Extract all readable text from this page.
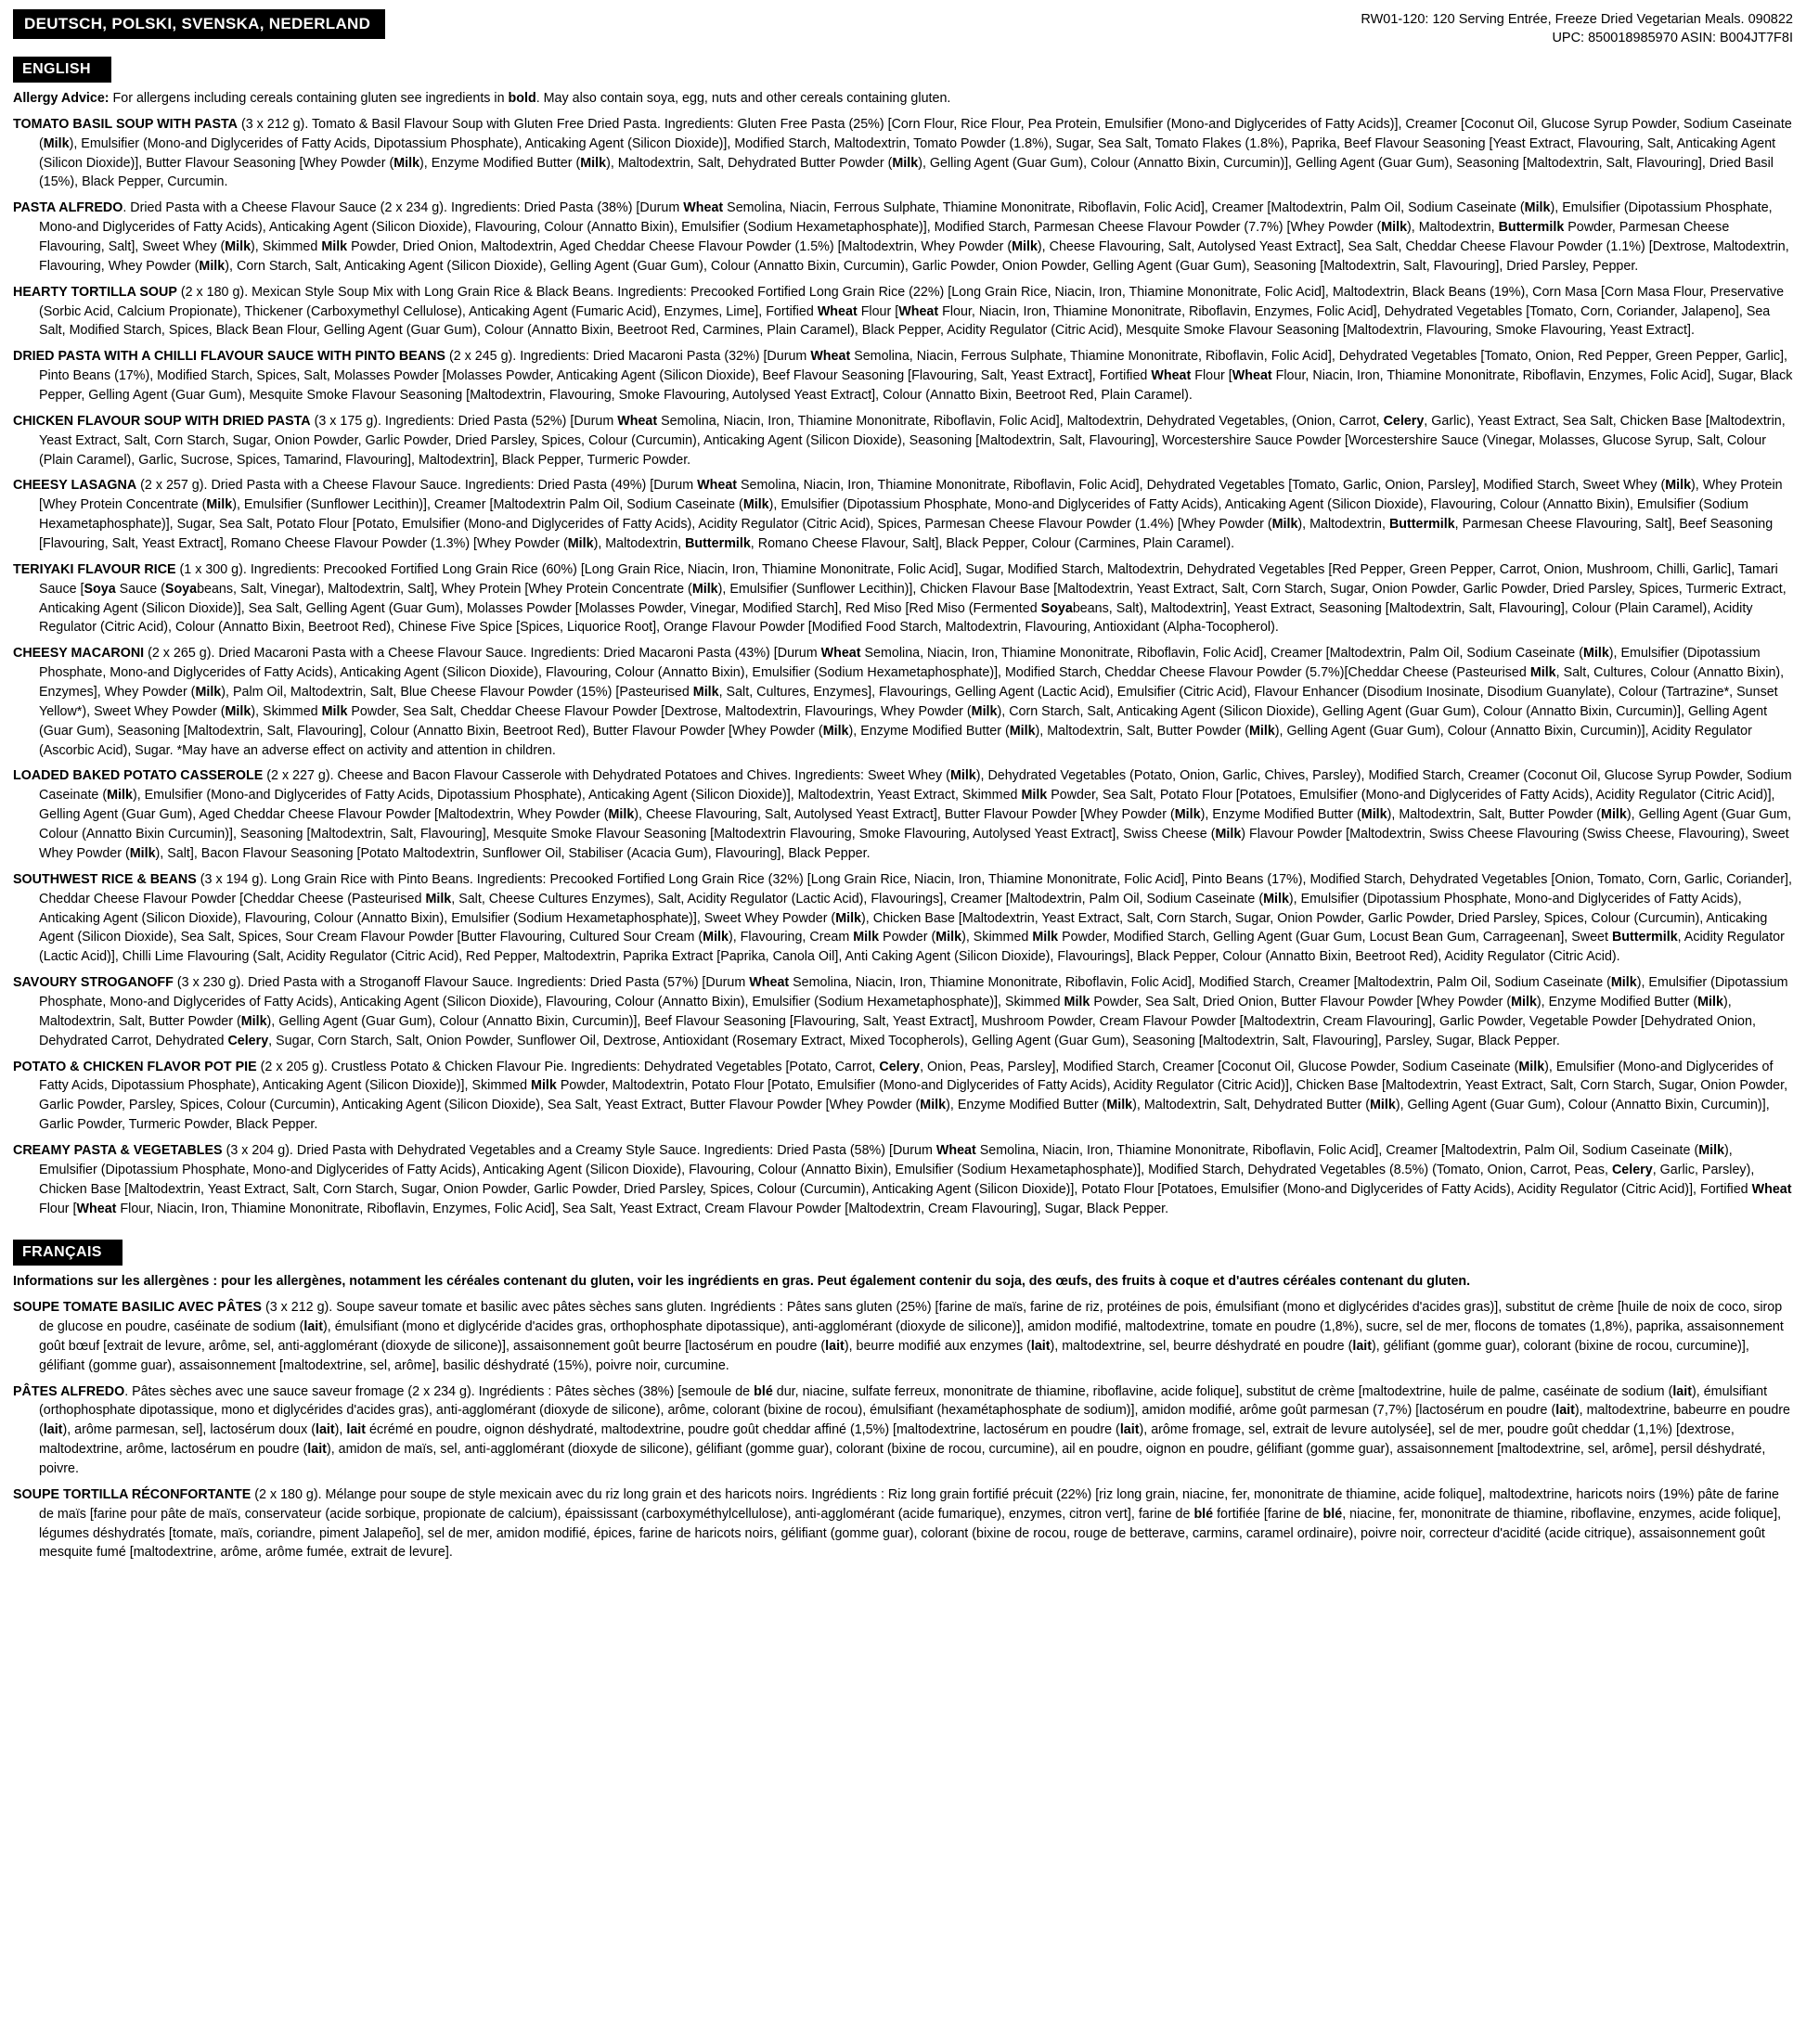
DEUTSCH, POLSKI, SVENSKA, NEDERLAND	RW01-120: 120 Serving Entrée, Freeze Dried Vegetarian Meals. 090822
UPC: 850018985970 ASIN: B004JT7F8I
ENGLISH

Allergy Advice: For allergens including cereals containing gluten see ingredients in bold. May also contain soya, egg, nuts and other cereals containing gluten.

TOMATO BASIL SOUP WITH PASTA (3 x 212 g). Tomato & Basil Flavour Soup with Gluten Free Dried Pasta. Ingredients: Gluten Free Pasta (25%) [Corn Flour, Rice Flour, Pea Protein, Emulsifier (Mono-and Diglycerides of Fatty Acids)], Creamer [Coconut Oil, Glucose Syrup Powder, Sodium Caseinate (Milk), Emulsifier (Mono-and Diglycerides of Fatty Acids, Dipotassium Phosphate), Anticaking Agent (Silicon Dioxide)], Modified Starch, Maltodextrin, Tomato Powder (1.8%), Sugar, Sea Salt, Tomato Flakes (1.8%), Paprika, Beef Flavour Seasoning [Yeast Extract, Flavouring, Salt, Anticaking Agent (Silicon Dioxide)], Butter Flavour Seasoning [Whey Powder (Milk), Enzyme Modified Butter (Milk), Maltodextrin, Salt, Dehydrated Butter Powder (Milk), Gelling Agent (Guar Gum), Colour (Annatto Bixin, Curcumin)], Gelling Agent (Guar Gum), Seasoning [Maltodextrin, Salt, Flavouring], Dried Basil (15%), Black Pepper, Curcumin.

PASTA ALFREDO. Dried Pasta with a Cheese Flavour Sauce (2 x 234 g). Ingredients: Dried Pasta (38%) [Durum Wheat Semolina, Niacin, Ferrous Sulphate, Thiamine Mononitrate, Riboflavin, Folic Acid], Creamer [Maltodextrin, Palm Oil, Sodium Caseinate (Milk), Emulsifier (Dipotassium Phosphate, Mono-and Diglycerides of Fatty Acids), Anticaking Agent (Silicon Dioxide), Flavouring, Colour (Annatto Bixin), Emulsifier (Sodium Hexametaphosphate)], Modified Starch, Parmesan Cheese Flavour Powder (7.7%) [Whey Powder (Milk), Maltodextrin, Buttermilk Powder, Parmesan Cheese Flavouring, Salt], Sweet Whey (Milk), Skimmed Milk Powder, Dried Onion, Maltodextrin, Aged Cheddar Cheese Flavour Powder (1.5%) [Maltodextrin, Whey Powder (Milk), Cheese Flavouring, Salt, Autolysed Yeast Extract], Sea Salt, Cheddar Cheese Flavour Powder (1.1%) [Dextrose, Maltodextrin, Flavouring, Whey Powder (Milk), Corn Starch, Salt, Anticaking Agent (Silicon Dioxide), Gelling Agent (Guar Gum), Colour (Annatto Bixin, Curcumin), Garlic Powder, Onion Powder, Gelling Agent (Guar Gum), Seasoning [Maltodextrin, Salt, Flavouring], Dried Parsley, Pepper.

HEARTY TORTILLA SOUP (2 x 180 g). Mexican Style Soup Mix with Long Grain Rice & Black Beans. Ingredients: Precooked Fortified Long Grain Rice (22%) [Long Grain Rice, Niacin, Iron, Thiamine Mononitrate, Folic Acid], Maltodextrin, Black Beans (19%), Corn Masa [Corn Masa Flour, Preservative (Sorbic Acid, Calcium Propionate), Thickener (Carboxymethyl Cellulose), Anticaking Agent (Fumaric Acid), Enzymes, Lime], Fortified Wheat Flour [Wheat Flour, Niacin, Iron, Thiamine Mononitrate, Riboflavin, Enzymes, Folic Acid], Dehydrated Vegetables [Tomato, Corn, Coriander, Jalapeno], Sea Salt, Modified Starch, Spices, Black Bean Flour, Gelling Agent (Guar Gum), Colour (Annatto Bixin, Beetroot Red, Carmines, Plain Caramel), Black Pepper, Acidity Regulator (Citric Acid), Mesquite Smoke Flavour Seasoning [Maltodextrin, Flavouring, Smoke Flavouring, Yeast Extract].

DRIED PASTA WITH A CHILLI FLAVOUR SAUCE WITH PINTO BEANS (2 x 245 g). Ingredients: Dried Macaroni Pasta (32%) [Durum Wheat Semolina, Niacin, Ferrous Sulphate, Thiamine Mononitrate, Riboflavin, Folic Acid], Dehydrated Vegetables [Tomato, Onion, Red Pepper, Green Pepper, Garlic], Pinto Beans (17%), Modified Starch, Spices, Salt, Molasses Powder [Molasses Powder, Anticaking Agent (Silicon Dioxide), Beef Flavour Seasoning [Flavouring, Salt, Yeast Extract], Fortified Wheat Flour [Wheat Flour, Niacin, Iron, Thiamine Mononitrate, Riboflavin, Enzymes, Folic Acid], Sugar, Black Pepper, Gelling Agent (Guar Gum), Mesquite Smoke Flavour Seasoning [Maltodextrin, Flavouring, Smoke Flavouring, Autolysed Yeast Extract], Colour (Annatto Bixin, Beetroot Red, Plain Caramel).

CHICKEN FLAVOUR SOUP WITH DRIED PASTA (3 x 175 g). Ingredients: Dried Pasta (52%) [Durum Wheat Semolina, Niacin, Iron, Thiamine Mononitrate, Riboflavin, Folic Acid], Maltodextrin, Dehydrated Vegetables, (Onion, Carrot, Celery, Garlic), Yeast Extract, Sea Salt, Chicken Base [Maltodextrin, Yeast Extract, Salt, Corn Starch, Sugar, Onion Powder, Garlic Powder, Dried Parsley, Spices, Colour (Curcumin), Anticaking Agent (Silicon Dioxide), Seasoning [Maltodextrin, Salt, Flavouring], Worcestershire Sauce Powder [Worcestershire Sauce (Vinegar, Molasses, Glucose Syrup, Salt, Colour (Plain Caramel), Garlic, Sucrose, Spices, Tamarind, Flavouring], Maltodextrin], Black Pepper, Turmeric Powder.

CHEESY LASAGNA (2 x 257 g). Dried Pasta with a Cheese Flavour Sauce. Ingredients: Dried Pasta (49%) [Durum Wheat Semolina, Niacin, Iron, Thiamine Mononitrate, Riboflavin, Folic Acid], Dehydrated Vegetables [Tomato, Garlic, Onion, Parsley], Modified Starch, Sweet Whey (Milk), Whey Protein [Whey Protein Concentrate (Milk), Emulsifier (Sunflower Lecithin)], Creamer [Maltodextrin Palm Oil, Sodium Caseinate (Milk), Emulsifier (Dipotassium Phosphate, Mono-and Diglycerides of Fatty Acids), Anticaking Agent (Silicon Dioxide), Flavouring, Colour (Annatto Bixin), Emulsifier (Sodium Hexametaphosphate)], Sugar, Sea Salt, Potato Flour [Potato, Emulsifier (Mono-and Diglycerides of Fatty Acids), Acidity Regulator (Citric Acid), Spices, Parmesan Cheese Flavour Powder (1.4%) [Whey Powder (Milk), Maltodextrin, Buttermilk, Parmesan Cheese Flavouring, Salt], Beef Seasoning [Flavouring, Salt, Yeast Extract], Romano Cheese Flavour Powder (1.3%) [Whey Powder (Milk), Maltodextrin, Buttermilk, Romano Cheese Flavour, Salt], Black Pepper, Colour (Carmines, Plain Caramel).

TERIYAKI FLAVOUR RICE (1 x 300 g). Ingredients: Precooked Fortified Long Grain Rice (60%) [Long Grain Rice, Niacin, Iron, Thiamine Mononitrate, Folic Acid], Sugar, Modified Starch, Maltodextrin, Dehydrated Vegetables [Red Pepper, Green Pepper, Carrot, Onion, Mushroom, Chilli, Garlic], Tamari Sauce [Soya Sauce (Soyabeans, Salt, Vinegar), Maltodextrin, Salt], Whey Protein [Whey Protein Concentrate (Milk), Emulsifier (Sunflower Lecithin)], Chicken Flavour Base [Maltodextrin, Yeast Extract, Salt, Corn Starch, Sugar, Onion Powder, Garlic Powder, Dried Parsley, Spices, Turmeric Extract, Anticaking Agent (Silicon Dioxide)], Sea Salt, Gelling Agent (Guar Gum), Molasses Powder [Molasses Powder, Vinegar, Modified Starch], Red Miso [Red Miso (Fermented Soyabeans, Salt), Maltodextrin], Yeast Extract, Seasoning [Maltodextrin, Salt, Flavouring], Colour (Plain Caramel), Acidity Regulator (Citric Acid), Colour (Annatto Bixin, Beetroot Red), Chinese Five Spice [Spices, Liquorice Root], Orange Flavour Powder [Modified Food Starch, Maltodextrin, Flavouring, Antioxidant (Alpha-Tocopherol).

CHEESY MACARONI (2 x 265 g). Dried Macaroni Pasta with a Cheese Flavour Sauce. Ingredients: Dried Macaroni Pasta (43%) [Durum Wheat Semolina, Niacin, Iron, Thiamine Mononitrate, Riboflavin, Folic Acid], Creamer [Maltodextrin, Palm Oil, Sodium Caseinate (Milk), Emulsifier (Dipotassium Phosphate, Mono-and Diglycerides of Fatty Acids), Anticaking Agent (Silicon Dioxide), Flavouring, Colour (Annatto Bixin), Emulsifier (Sodium Hexametaphosphate)], Modified Starch, Cheddar Cheese Flavour Powder (5.7%)[Cheddar Cheese (Pasteurised Milk, Salt, Cultures, Colour (Annatto Bixin), Enzymes], Whey Powder (Milk), Palm Oil, Maltodextrin, Salt, Blue Cheese Flavour Powder (15%) [Pasteurised Milk, Salt, Cultures, Enzymes], Flavourings, Gelling Agent (Lactic Acid), Emulsifier (Citric Acid), Flavour Enhancer (Disodium Inosinate, Disodium Guanylate), Colour (Tartrazine*, Sunset Yellow*), Sweet Whey Powder (Milk), Skimmed Milk Powder, Sea Salt, Cheddar Cheese Flavour Powder [Dextrose, Maltodextrin, Flavourings, Whey Powder (Milk), Corn Starch, Salt, Anticaking Agent (Silicon Dioxide), Gelling Agent (Guar Gum), Colour (Annatto Bixin, Curcumin)], Gelling Agent (Guar Gum), Seasoning [Maltodextrin, Salt, Flavouring], Colour (Annatto Bixin, Beetroot Red), Butter Flavour Powder [Whey Powder (Milk), Enzyme Modified Butter (Milk), Maltodextrin, Salt, Butter Powder (Milk), Gelling Agent (Guar Gum), Colour (Annatto Bixin, Curcumin)], Acidity Regulator (Ascorbic Acid), Sugar. *May have an adverse effect on activity and attention in children.

LOADED BAKED POTATO CASSEROLE (2 x 227 g). Cheese and Bacon Flavour Casserole with Dehydrated Potatoes and Chives. Ingredients: Sweet Whey (Milk), Dehydrated Vegetables (Potato, Onion, Garlic, Chives, Parsley), Modified Starch, Creamer (Coconut Oil, Glucose Syrup Powder, Sodium Caseinate (Milk), Emulsifier (Mono-and Diglycerides of Fatty Acids, Dipotassium Phosphate), Anticaking Agent (Silicon Dioxide)], Maltodextrin, Yeast Extract, Skimmed Milk Powder, Sea Salt, Potato Flour [Potatoes, Emulsifier (Mono-and Diglycerides of Fatty Acids), Acidity Regulator (Citric Acid)], Gelling Agent (Guar Gum), Aged Cheddar Cheese Flavour Powder [Maltodextrin, Whey Powder (Milk), Cheese Flavouring, Salt, Autolysed Yeast Extract], Butter Flavour Powder [Whey Powder (Milk), Enzyme Modified Butter (Milk), Maltodextrin, Salt, Butter Powder (Milk), Gelling Agent (Guar Gum, Colour (Annatto Bixin Curcumin)], Seasoning [Maltodextrin, Salt, Flavouring], Mesquite Smoke Flavour Seasoning [Maltodextrin Flavouring, Smoke Flavouring, Autolysed Yeast Extract], Swiss Cheese (Milk) Flavour Powder [Maltodextrin, Swiss Cheese Flavouring (Swiss Cheese, Flavouring), Sweet Whey Powder (Milk), Salt], Bacon Flavour Seasoning [Potato Maltodextrin, Sunflower Oil, Stabiliser (Acacia Gum), Flavouring], Black Pepper.

SOUTHWEST RICE & BEANS (3 x 194 g). Long Grain Rice with Pinto Beans. Ingredients: Precooked Fortified Long Grain Rice (32%) [Long Grain Rice, Niacin, Iron, Thiamine Mononitrate, Folic Acid], Pinto Beans (17%), Modified Starch, Dehydrated Vegetables [Onion, Tomato, Corn, Garlic, Coriander], Cheddar Cheese Flavour Powder [Cheddar Cheese (Pasteurised Milk, Salt, Cheese Cultures Enzymes), Salt, Acidity Regulator (Lactic Acid), Flavourings], Creamer [Maltodextrin, Palm Oil, Sodium Caseinate (Milk), Emulsifier (Dipotassium Phosphate, Mono-and Diglycerides of Fatty Acids), Anticaking Agent (Silicon Dioxide), Flavouring, Colour (Annatto Bixin), Emulsifier (Sodium Hexametaphosphate)], Sweet Whey Powder (Milk), Chicken Base [Maltodextrin, Yeast Extract, Salt, Corn Starch, Sugar, Onion Powder, Garlic Powder, Dried Parsley, Spices, Colour (Curcumin), Anticaking Agent (Silicon Dioxide), Sea Salt, Spices, Sour Cream Flavour Powder [Butter Flavouring, Cultured Sour Cream (Milk), Flavouring, Cream Milk Powder (Milk), Skimmed Milk Powder, Modified Starch, Gelling Agent (Guar Gum, Locust Bean Gum, Carrageenan], Sweet Buttermilk, Acidity Regulator (Lactic Acid)], Chilli Lime Flavouring (Salt, Acidity Regulator (Citric Acid), Red Pepper, Maltodextrin, Paprika Extract [Paprika, Canola Oil], Anti Caking Agent (Silicon Dioxide), Flavourings], Black Pepper, Colour (Annatto Bixin, Beetroot Red), Acidity Regulator (Citric Acid).

SAVOURY STROGANOFF (3 x 230 g). Dried Pasta with a Stroganoff Flavour Sauce. Ingredients: Dried Pasta (57%) [Durum Wheat Semolina, Niacin, Iron, Thiamine Mononitrate, Riboflavin, Folic Acid], Modified Starch, Creamer [Maltodextrin, Palm Oil, Sodium Caseinate (Milk), Emulsifier (Dipotassium Phosphate, Mono-and Diglycerides of Fatty Acids), Anticaking Agent (Silicon Dioxide), Flavouring, Colour (Annatto Bixin), Emulsifier (Sodium Hexametaphosphate)], Skimmed Milk Powder, Sea Salt, Dried Onion, Butter Flavour Powder [Whey Powder (Milk), Enzyme Modified Butter (Milk), Maltodextrin, Salt, Butter Powder (Milk), Gelling Agent (Guar Gum), Colour (Annatto Bixin, Curcumin)], Beef Flavour Seasoning [Flavouring, Salt, Yeast Extract], Mushroom Powder, Cream Flavour Powder [Maltodextrin, Cream Flavouring], Garlic Powder, Vegetable Powder [Dehydrated Onion, Dehydrated Carrot, Dehydrated Celery, Sugar, Corn Starch, Salt, Onion Powder, Sunflower Oil, Dextrose, Antioxidant (Rosemary Extract, Mixed Tocopherols), Gelling Agent (Guar Gum), Seasoning [Maltodextrin, Salt, Flavouring], Parsley, Sugar, Black Pepper.

POTATO & CHICKEN FLAVOR POT PIE (2 x 205 g). Crustless Potato & Chicken Flavour Pie. Ingredients: Dehydrated Vegetables [Potato, Carrot, Celery, Onion, Peas, Parsley], Modified Starch, Creamer [Coconut Oil, Glucose Powder, Sodium Caseinate (Milk), Emulsifier (Mono-and Diglycerides of Fatty Acids, Dipotassium Phosphate), Anticaking Agent (Silicon Dioxide)], Skimmed Milk Powder, Maltodextrin, Potato Flour [Potato, Emulsifier (Mono-and Diglycerides of Fatty Acids), Acidity Regulator (Citric Acid)], Chicken Base [Maltodextrin, Yeast Extract, Salt, Corn Starch, Sugar, Onion Powder, Garlic Powder, Parsley, Spices, Colour (Curcumin), Anticaking Agent (Silicon Dioxide), Sea Salt, Yeast Extract, Butter Flavour Powder [Whey Powder (Milk), Enzyme Modified Butter (Milk), Maltodextrin, Salt, Dehydrated Butter (Milk), Gelling Agent (Guar Gum), Colour (Annatto Bixin, Curcumin)], Garlic Powder, Turmeric Powder, Black Pepper.

CREAMY PASTA & VEGETABLES (3 x 204 g). Dried Pasta with Dehydrated Vegetables and a Creamy Style Sauce. Ingredients: Dried Pasta (58%) [Durum Wheat Semolina, Niacin, Iron, Thiamine Mononitrate, Riboflavin, Folic Acid], Creamer [Maltodextrin, Palm Oil, Sodium Caseinate (Milk), Emulsifier (Dipotassium Phosphate, Mono-and Diglycerides of Fatty Acids), Anticaking Agent (Silicon Dioxide), Flavouring, Colour (Annatto Bixin), Emulsifier (Sodium Hexametaphosphate)], Modified Starch, Dehydrated Vegetables (8.5%) (Tomato, Onion, Carrot, Peas, Celery, Garlic, Parsley), Chicken Base [Maltodextrin, Yeast Extract, Salt, Corn Starch, Sugar, Onion Powder, Garlic Powder, Dried Parsley, Spices, Colour (Curcumin), Anticaking Agent (Silicon Dioxide)], Potato Flour [Potatoes, Emulsifier (Mono-and Diglycerides of Fatty Acids), Acidity Regulator (Citric Acid)], Fortified Wheat Flour [Wheat Flour, Niacin, Iron, Thiamine Mononitrate, Riboflavin, Enzymes, Folic Acid], Sea Salt, Yeast Extract, Cream Flavour Powder [Maltodextrin, Cream Flavouring], Sugar, Black Pepper.

FRANÇAIS

Informations sur les allergènes : pour les allergènes, notamment les céréales contenant du gluten, voir les ingrédients en gras. Peut également contenir du soja, des œufs, des fruits à coque et d'autres céréales contenant du gluten.

SOUPE TOMATE BASILIC AVEC PÂTES (3 x 212 g). Soupe saveur tomate et basilic avec pâtes sèches sans gluten. Ingrédients : Pâtes sans gluten (25%) [farine de maïs, farine de riz, protéines de pois, émulsifiant (mono et diglycérides d'acides gras)], substitut de crème [huile de noix de coco, sirop de glucose en poudre, caséinate de sodium (lait), émulsifiant (mono et diglycéride d'acides gras, orthophosphate dipotassique), anti-agglomérant (dioxyde de silicone)], amidon modifié, maltodextrine, tomate en poudre (1,8%), sucre, sel de mer, flocons de tomates (1,8%), paprika, assaisonnement goût bœuf [extrait de levure, arôme, sel, anti-agglomérant (dioxyde de silicone)], assaisonnement goût beurre [lactosérum en poudre (lait), beurre modifié aux enzymes (lait), maltodextrine, sel, beurre déshydraté en poudre (lait), gélifiant (gomme guar), colorant (bixine de rocou, curcumine)], gélifiant (gomme guar), assaisonnement [maltodextrine, sel, arôme], basilic déshydraté (15%), poivre noir, curcumine.

PÂTES ALFREDO. Pâtes sèches avec une sauce saveur fromage (2 x 234 g). Ingrédients : Pâtes sèches (38%) [semoule de blé dur, niacine, sulfate ferreux, mononitrate de thiamine, riboflavine, acide folique], substitut de crème [maltodextrine, huile de palme, caséinate de sodium (lait), émulsifiant (orthophosphate dipotassique, mono et diglycérides d'acides gras), anti-agglomérant (dioxyde de silicone), arôme, colorant (bixine de rocou), émulsifiant (hexamétaphosphate de sodium)], amidon modifié, arôme goût parmesan (7,7%) [lactosérum en poudre (lait), maltodextrine, babeurre en poudre (lait), arôme parmesan, sel], lactosérum doux (lait), lait écrémé en poudre, oignon déshydraté, maltodextrine, poudre goût cheddar affiné (1,5%) [maltodextrine, lactosérum en poudre (lait), arôme fromage, sel, extrait de levure autolysée], sel de mer, poudre goût cheddar (1,1%) [dextrose, maltodextrine, arôme, lactosérum en poudre (lait), amidon de maïs, sel, anti-agglomérant (dioxyde de silicone), gélifiant (gomme guar), colorant (bixine de rocou, curcumine), ail en poudre, oignon en poudre, gélifiant (gomme guar), assaisonnement [maltodextrine, sel, arôme], persil déshydraté, poivre.

SOUPE TORTILLA RÉCONFORTANTE (2 x 180 g). Mélange pour soupe de style mexicain avec du riz long grain et des haricots noirs. Ingrédients : Riz long grain fortifié précuit (22%) [riz long grain, niacine, fer, mononitrate de thiamine, acide folique], maltodextrine, haricots noirs (19%) pâte de farine de maïs [farine pour pâte de maïs, conservateur (acide sorbique, propionate de calcium), épaississant (carboxyméthylcellulose), anti-agglomérant (acide fumarique), enzymes, citron vert], farine de blé fortifiée [farine de blé, niacine, fer, mononitrate de thiamine, riboflavine, enzymes, acide folique], légumes déshydratés [tomate, maïs, coriandre, piment Jalapeño], sel de mer, amidon modifié, épices, farine de haricots noirs, gélifiant (gomme guar), colorant (bixine de rocou, rouge de betterave, carmins, caramel ordinaire), poivre noir, correcteur d'acidité (acide citrique), assaisonnement goût mesquite fumé [maltodextrine, arôme, arôme fumée, extrait de levure].
